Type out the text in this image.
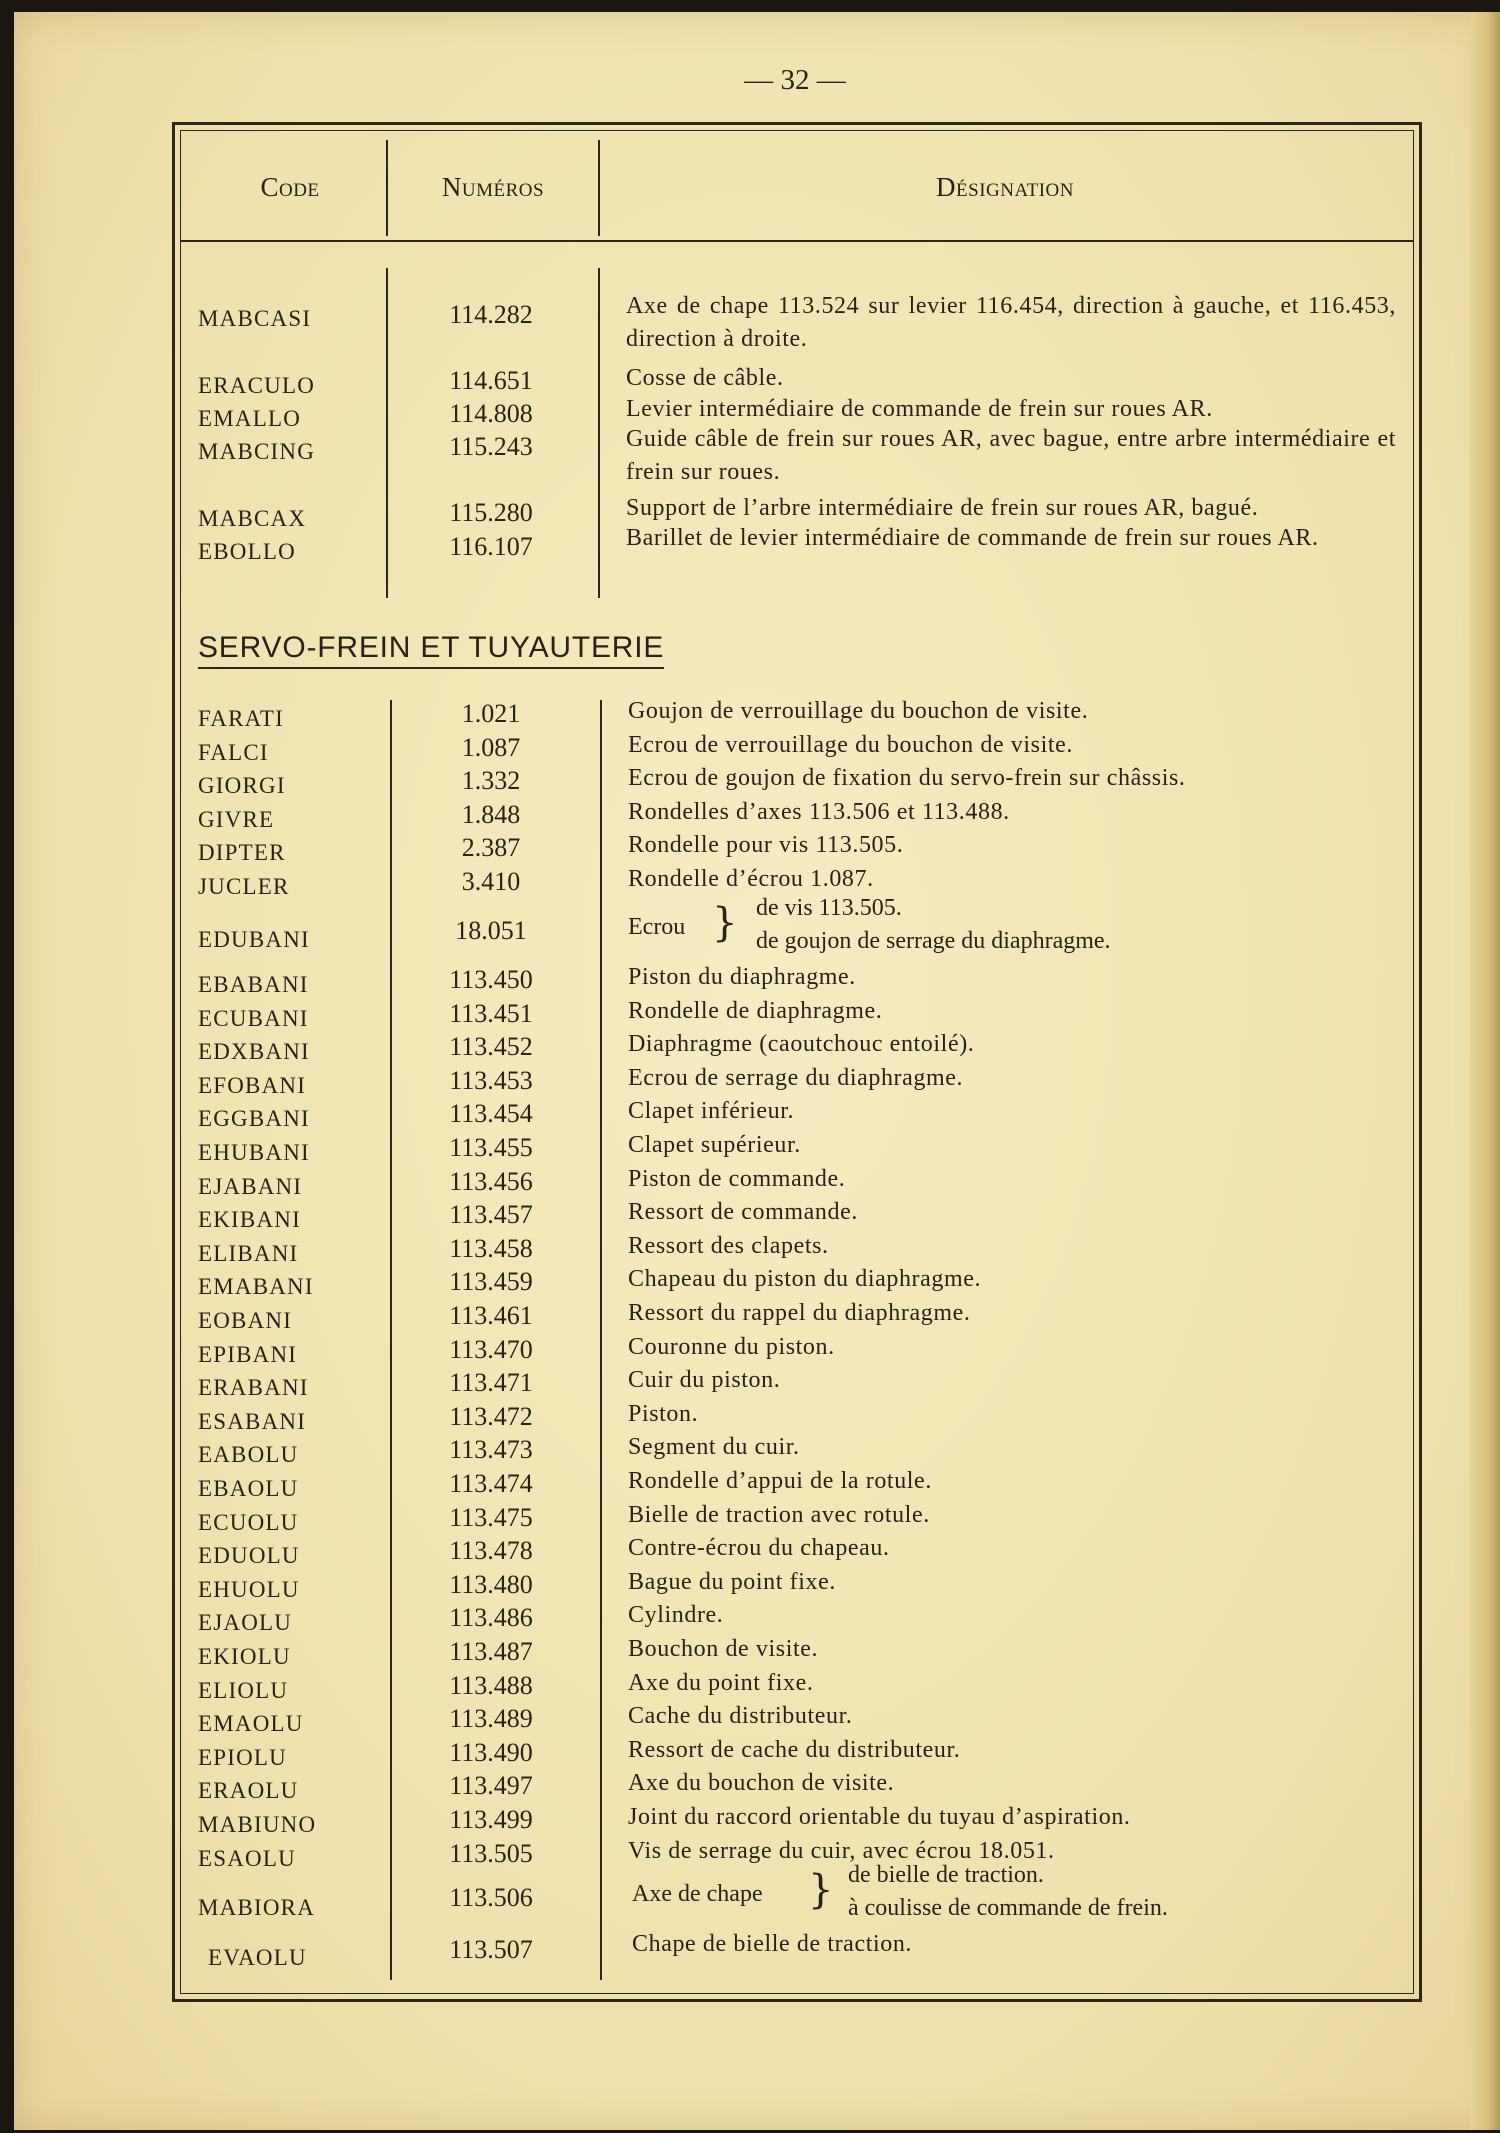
— 32 —
Code	Numéros	Désignation
MABCASI	114.282	Axe de chape 113.524 sur levier 116.454, direction à gauche, et 116.453, direction à droite.
ERACULO	114.651	Cosse de câble.
EMALLO	114.808	Levier intermédiaire de commande de frein sur roues AR.
MABCING	115.243	Guide câble de frein sur roues AR, avec bague, entre arbre intermédiaire et frein sur roues.
MABCAX	115.280	Support de l’arbre intermédiaire de frein sur roues AR, bagué.
EBOLLO	116.107	Barillet de levier intermédiaire de commande de frein sur roues AR.
SERVO-FREIN ET TUYAUTERIE
FARATI	1.021	Goujon de verrouillage du bouchon de visite.
FALCI	1.087	Ecrou de verrouillage du bouchon de visite.
GIORGI	1.332	Ecrou de goujon de fixation du servo-frein sur châssis.
GIVRE	1.848	Rondelles d’axes 113.506 et 113.488.
DIPTER	2.387	Rondelle pour vis 113.505.
JUCLER	3.410	Rondelle d’écrou 1.087.
EDUBANI	18.051	Ecrou } de vis 113.505.
de goujon de serrage du diaphragme.
EBABANI	113.450	Piston du diaphragme.
ECUBANI	113.451	Rondelle de diaphragme.
EDXBANI	113.452	Diaphragme (caoutchouc entoilé).
EFOBANI	113.453	Ecrou de serrage du diaphragme.
EGGBANI	113.454	Clapet inférieur.
EHUBANI	113.455	Clapet supérieur.
EJABANI	113.456	Piston de commande.
EKIBANI	113.457	Ressort de commande.
ELIBANI	113.458	Ressort des clapets.
EMABANI	113.459	Chapeau du piston du diaphragme.
EOBANI	113.461	Ressort du rappel du diaphragme.
EPIBANI	113.470	Couronne du piston.
ERABANI	113.471	Cuir du piston.
ESABANI	113.472	Piston.
EABOLU	113.473	Segment du cuir.
EBAOLU	113.474	Rondelle d’appui de la rotule.
ECUOLU	113.475	Bielle de traction avec rotule.
EDUOLU	113.478	Contre-écrou du chapeau.
EHUOLU	113.480	Bague du point fixe.
EJAOLU	113.486	Cylindre.
EKIOLU	113.487	Bouchon de visite.
ELIOLU	113.488	Axe du point fixe.
EMAOLU	113.489	Cache du distributeur.
EPIOLU	113.490	Ressort de cache du distributeur.
ERAOLU	113.497	Axe du bouchon de visite.
MABIUNO	113.499	Joint du raccord orientable du tuyau d’aspiration.
ESAOLU	113.505	Vis de serrage du cuir, avec écrou 18.051.
MABIORA	113.506	Axe de chape } de bielle de traction.
à coulisse de commande de frein.
EVAOLU	113.507	Chape de bielle de traction.
